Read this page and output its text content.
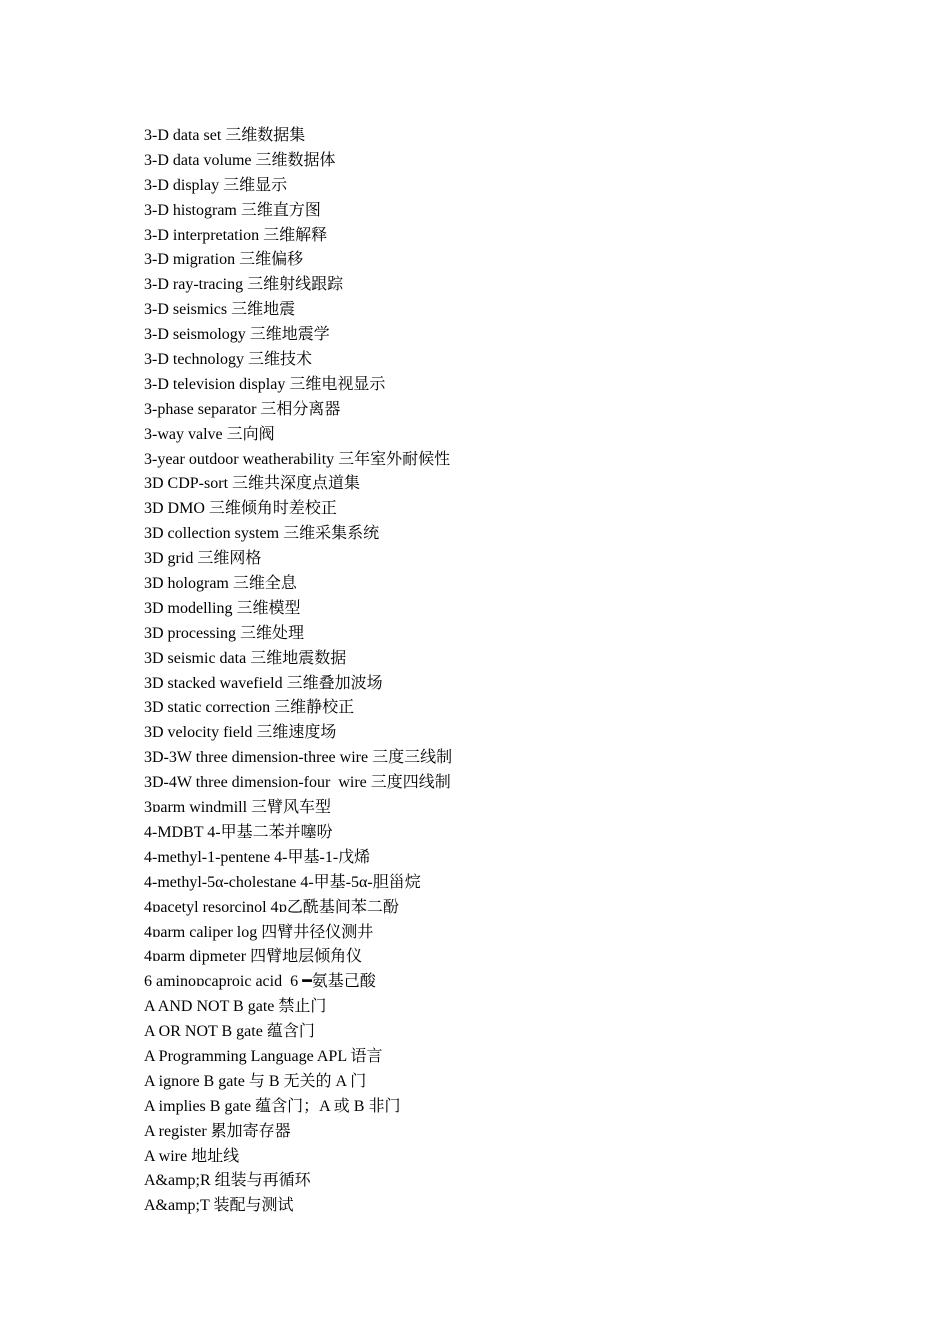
3-D data set 三维数据集
3-D data volume 三维数据体
3-D display 三维显示
3-D histogram 三维直方图
3-D interpretation 三维解释
3-D migration 三维偏移
3-D ray-tracing 三维射线跟踪
3-D seismics 三维地震
3-D seismology 三维地震学
3-D technology 三维技术
3-D television display 三维电视显示
3-phase separator 三相分离器
3-way valve 三向阀
3-year outdoor weatherability 三年室外耐候性
3D CDP-sort 三维共深度点道集
3D DMO 三维倾角时差校正
3D collection system 三维采集系统
3D grid 三维网格
3D hologram 三维全息
3D modelling 三维模型
3D processing 三维处理
3D seismic data 三维地震数据
3D stacked wavefield 三维叠加波场
3D static correction 三维静校正
3D velocity field 三维速度场
3D-3W three dimension-three wire 三度三线制
3D-4W three dimension-four  wire 三度四线制
3ɒarm windmill 三臂风车型
4-MDBT 4-甲基二苯并噻吩
4-methyl-1-pentene 4-甲基-1-戊烯
4-methyl-5α-cholestane 4-甲基-5α-胆甾烷
4ɒacetyl resorcinol 4ɒ乙酰基间苯二酚
4ɒarm caliper log 四臂井径仪测井
4ɒarm dipmeter 四臂地层倾角仪
6 aminoɒcaproic acid  6 ━氨基己酸
A AND NOT B gate 禁止门
A OR NOT B gate 蕴含门
A Programming Language APL 语言
A ignore B gate 与 B 无关的 A 门
A implies B gate 蕴含门；A 或 B 非门
A register 累加寄存器
A wire 地址线
A&amp;R 组装与再循环
A&amp;T 装配与测试
